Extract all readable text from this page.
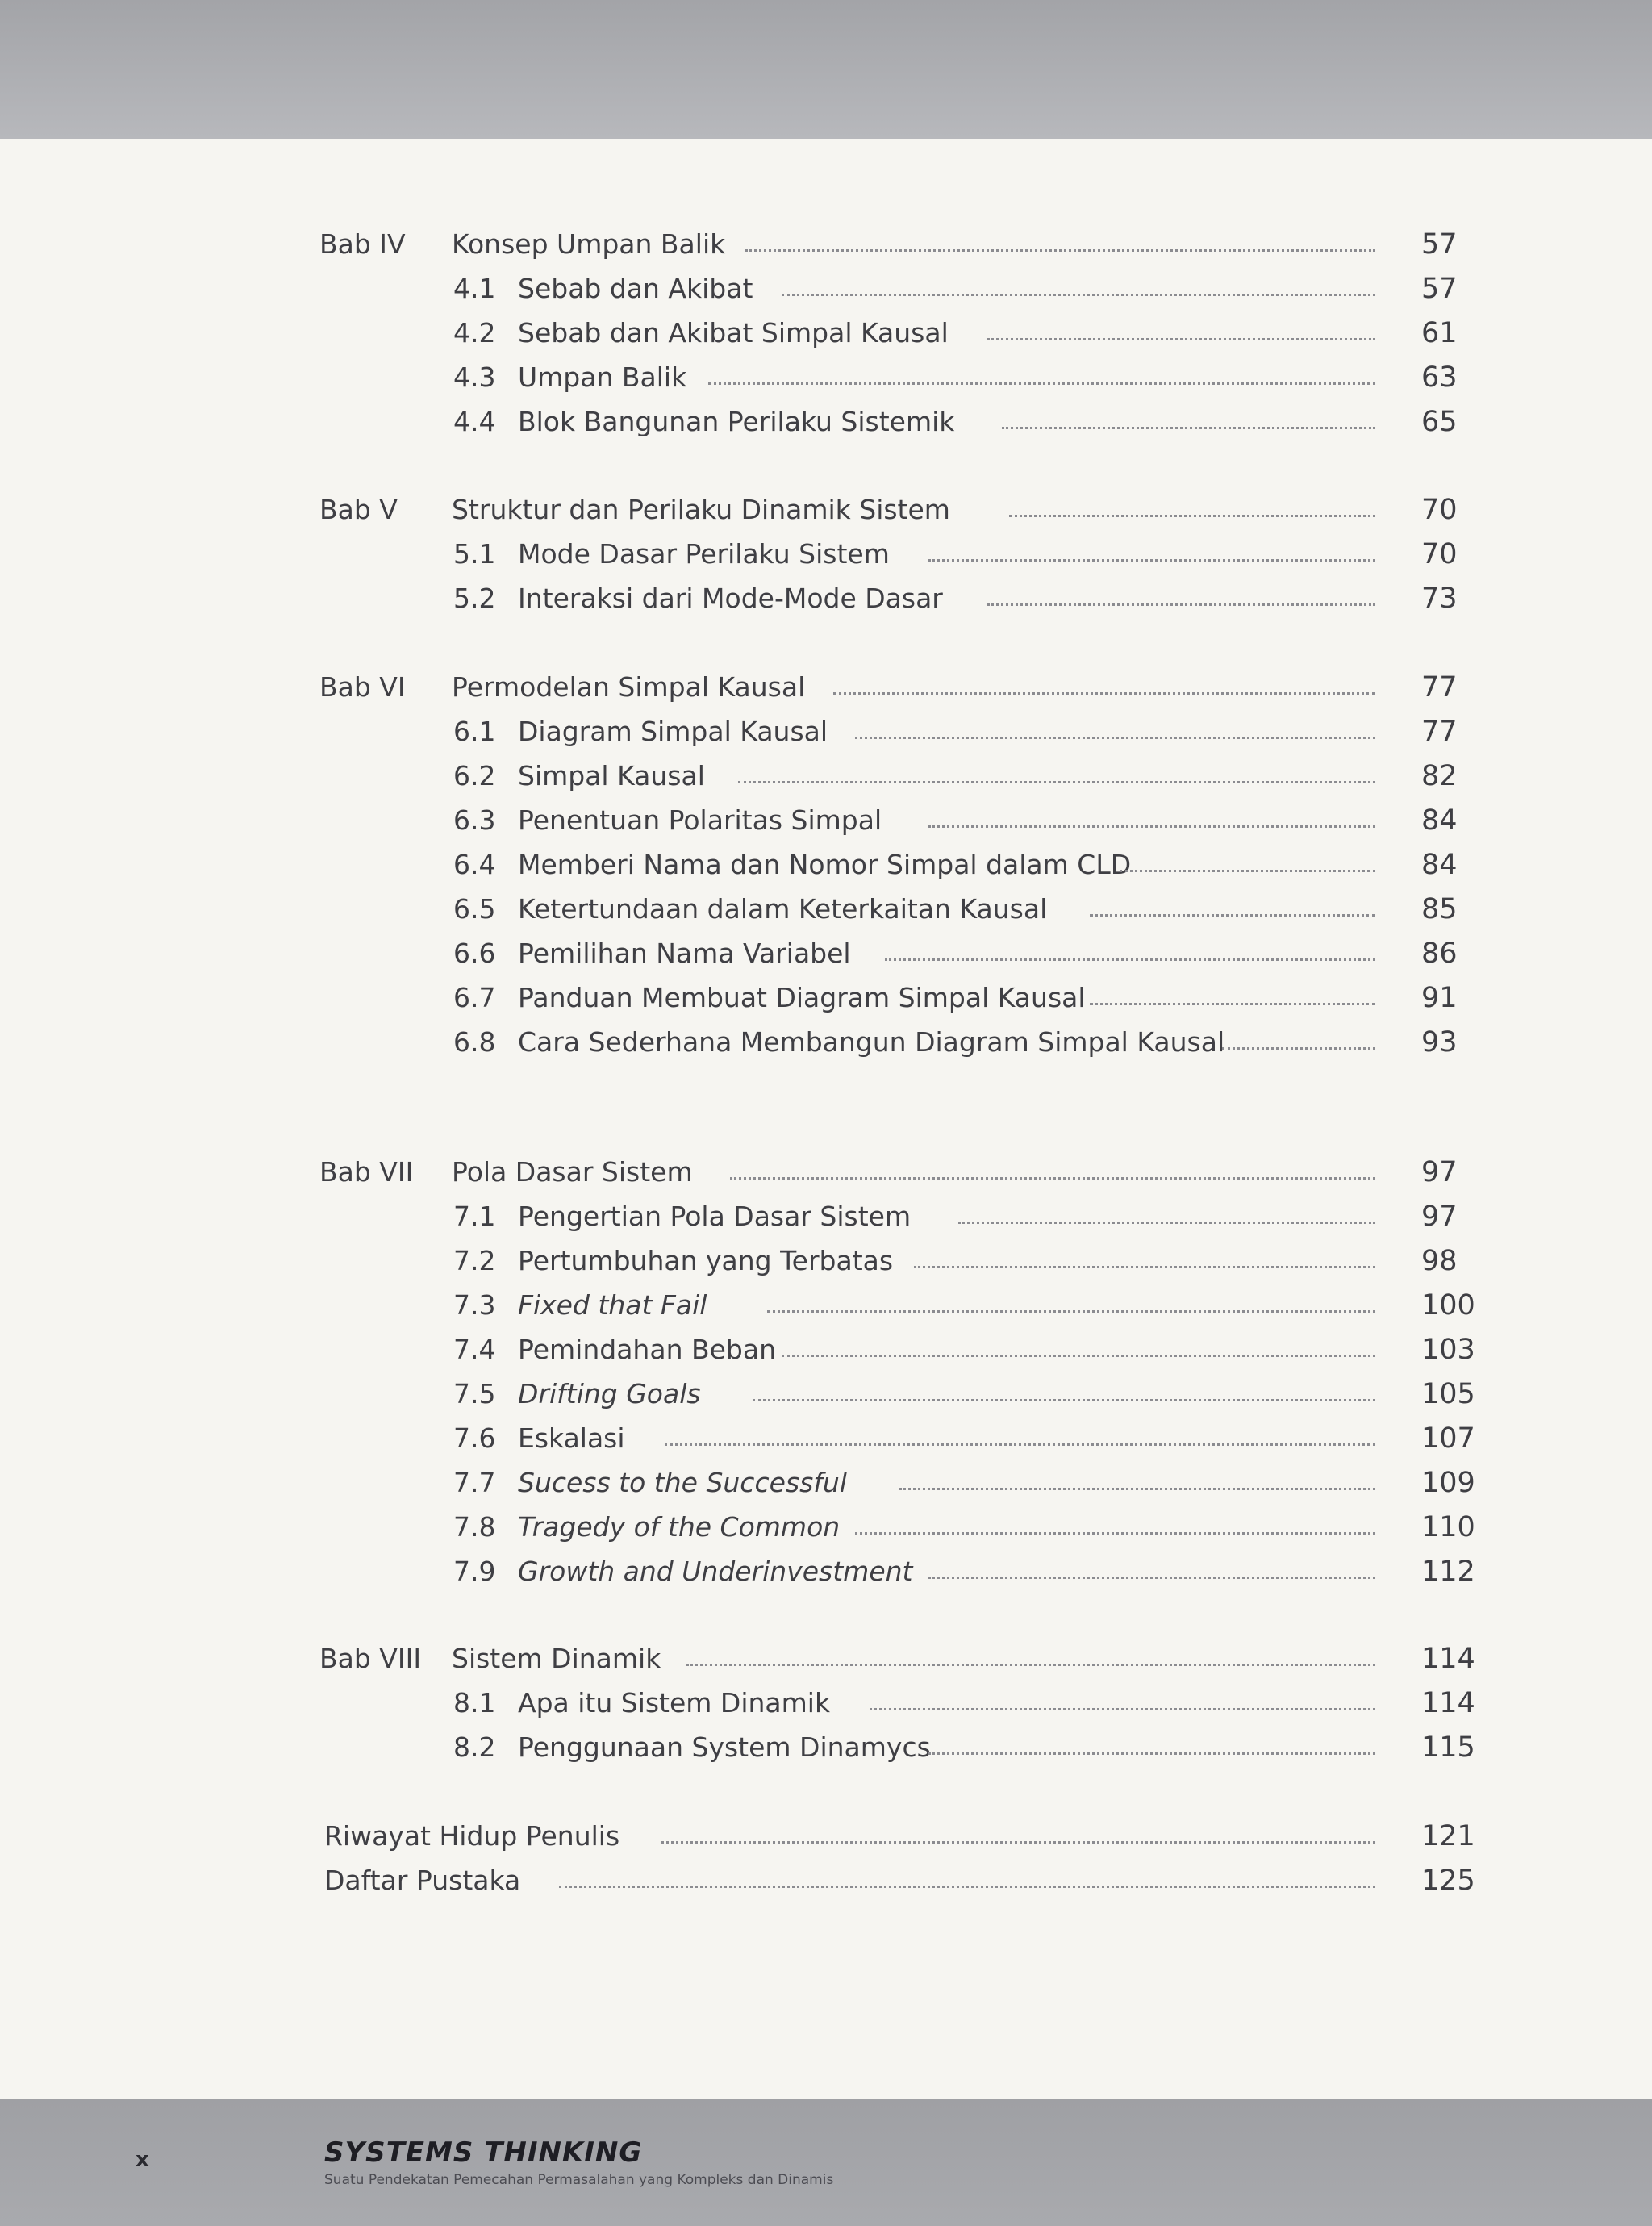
Bab IV Konsep Umpan Balik	57
4.1 Sebab dan Akibat	57
4.2 Sebab dan Akibat Simpal Kausal	61
4.3 Umpan Balik	63
4.4 Blok Bangunan Perilaku Sistemik	65
Bab V Struktur dan Perilaku Dinamik Sistem	70
5.1 Mode Dasar Perilaku Sistem	70
5.2 Interaksi dari Mode-Mode Dasar	73
Bab VI Permodelan Simpal Kausal	77
6.1 Diagram Simpal Kausal	77
6.2 Simpal Kausal	82
6.3 Penentuan Polaritas Simpal	84
6.4 Memberi Nama dan Nomor Simpal dalam CLD	84
6.5 Ketertundaan dalam Keterkaitan Kausal	85
6.6 Pemilihan Nama Variabel	86
6.7 Panduan Membuat Diagram Simpal Kausal	91
6.8 Cara Sederhana Membangun Diagram Simpal Kausal	93
Bab VII Pola Dasar Sistem	97
7.1 Pengertian Pola Dasar Sistem	97
7.2 Pertumbuhan yang Terbatas	98
7.3 Fixed that Fail	100
7.4 Pemindahan Beban	103
7.5 Drifting Goals	105
7.6 Eskalasi	107
7.7 Sucess to the Successful	109
7.8 Tragedy of the Common	110
7.9 Growth and Underinvestment	112
Bab VIII Sistem Dinamik	114
8.1 Apa itu Sistem Dinamik	114
8.2 Penggunaan System Dinamycs	115
Riwayat Hidup Penulis	121
Daftar Pustaka	125
x	SYSTEMS THINKING
Suatu Pendekatan Pemecahan Permasalahan yang Kompleks dan Dinamis
